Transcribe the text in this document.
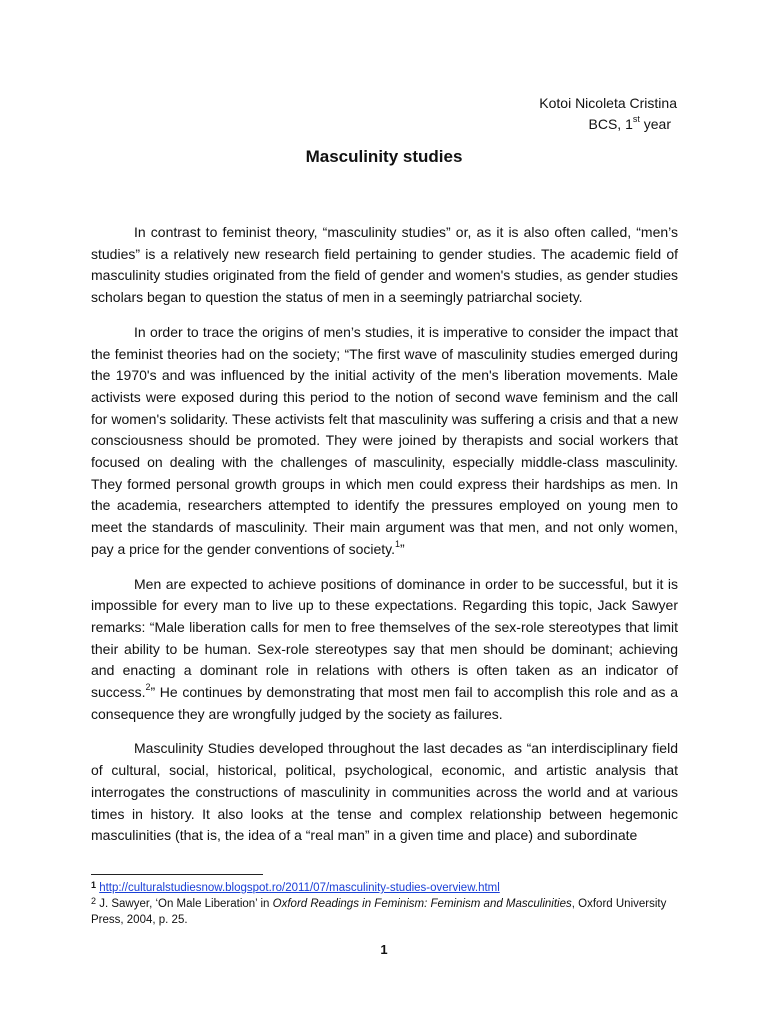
Kotoi Nicoleta Cristina
BCS, 1st year
Masculinity studies

In contrast to feminist theory, “masculinity studies” or, as it is also often called, “men’s studies” is a relatively new research field pertaining to gender studies. The academic field of masculinity studies originated from the field of gender and women's studies, as gender studies scholars began to question the status of men in a seemingly patriarchal society.

In order to trace the origins of men’s studies, it is imperative to consider the impact that the feminist theories had on the society; “The first wave of masculinity studies emerged during the 1970's and was influenced by the initial activity of the men's liberation movements. Male activists were exposed during this period to the notion of second wave feminism and the call for women's solidarity. These activists felt that masculinity was suffering a crisis and that a new consciousness should be promoted. They were joined by therapists and social workers that focused on dealing with the challenges of masculinity, especially middle-class masculinity. They formed personal growth groups in which men could express their hardships as men. In the academia, researchers attempted to identify the pressures employed on young men to meet the standards of masculinity. Their main argument was that men, and not only women, pay a price for the gender conventions of society.$^1$”

Men are expected to achieve positions of dominance in order to be successful, but it is impossible for every man to live up to these expectations. Regarding this topic, Jack Sawyer remarks: “Male liberation calls for men to free themselves of the sex-role stereotypes that limit their ability to be human. Sex-role stereotypes say that men should be dominant; achieving and enacting a dominant role in relations with others is often taken as an indicator of success.$^2$” He continues by demonstrating that most men fail to accomplish this role and as a consequence they are wrongfully judged by the society as failures.

Masculinity Studies developed throughout the last decades as “an interdisciplinary field of cultural, social, historical, political, psychological, economic, and artistic analysis that interrogates the constructions of masculinity in communities across the world and at various times in history. It also looks at the tense and complex relationship between hegemonic masculinities (that is, the idea of a “real man” in a given time and place) and subordinate

$^1$ http://culturalstudiesnow.blogspot.ro/2011/07/masculinity-studies-overview.html
$^2$ J. Sawyer, ‘On Male Liberation’ in Oxford Readings in Feminism: Feminism and Masculinities, Oxford University Press, 2004, p. 25.
1
